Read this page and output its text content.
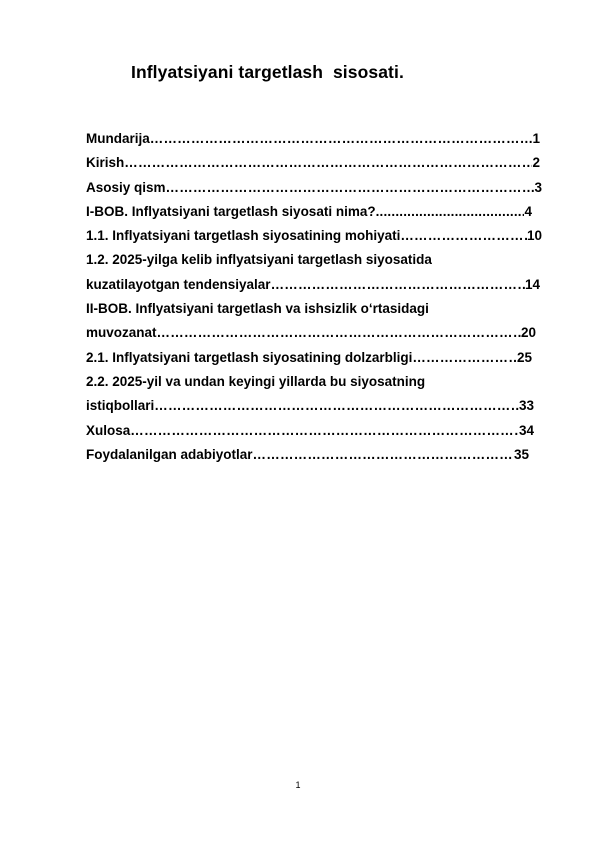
Inflyatsiyani targetlash  sisosati.
Mundarija ………………………………………………………………………………………………………………………………………………………………………………	1
Kirish ………………………………………………………………………………………………………………………………………………………………………………	2
Asosiy qism ………………………………………………………………………………………………………………………………………………………………………………	3
I-BOB. Inflyatsiyani targetlash siyosati nima? .....	4
1.1. Inflyatsiyani targetlash siyosatining mohiyati ………………………………………………………………………………………………………………………………………………………………………………	10
1.2. 2025-yilga kelib inflyatsiyani targetlash siyosatida
kuzatilayotgan tendensiyalar ………………………………………………………………………………………………………………………………………………………………………………	14
II-BOB. Inflyatsiyani targetlash va ishsizlik o‘rtasidagi
muvozanat ………………………………………………………………………………………………………………………………………………………………………………	20
2.1. Inflyatsiyani targetlash siyosatining dolzarbligi ………………………………………………………………………………………………………………………………………………………………………………	25
2.2. 2025-yil va undan keyingi yillarda bu siyosatning
istiqbollari ………………………………………………………………………………………………………………………………………………………………………………	33
Xulosa ………………………………………………………………………………………………………………………………………………………………………………	34
Foydalanilgan adabiyotlar ………………………………………………………………………………………………………………………………………………………………………………	35
1
